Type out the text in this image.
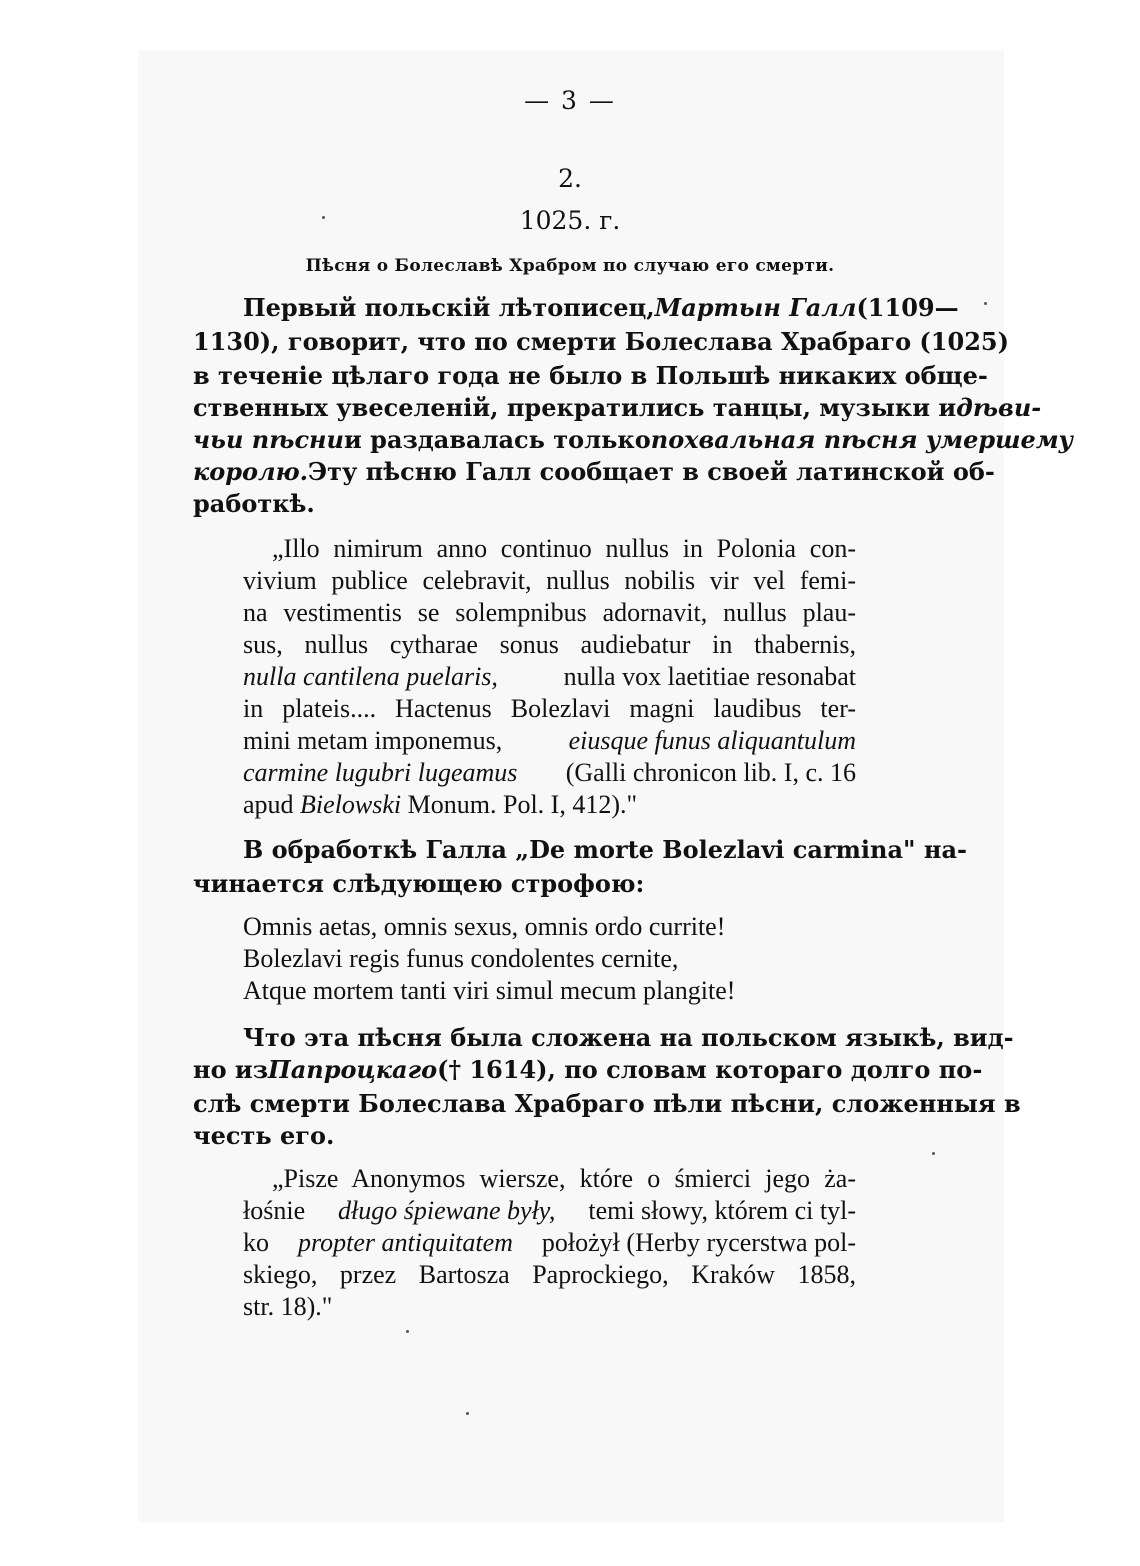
— 3 —
2.
1025. г.
Пѣсня о Болеславѣ Храбром по случаю его смерти.
Первый польскій лѣтописец, Мартын Галл (1109—
1130), говорит, что по смерти Болеслава Храбраго (1025)
в теченіе цѣлаго года не было в Польшѣ никаких обще-
ственных увеселеній, прекратились танцы, музыки и дѣви-
чьи пѣсни и раздавалась только похвальная пѣсня умершему
королю. Эту пѣсню Галл сообщает в своей латинской об-
работкѣ.
„Illo nimirum anno continuo nullus in Polonia con-
vivium publice celebravit, nullus nobilis vir vel femi-
na vestimentis se solempnibus adornavit, nullus plau-
sus, nullus cytharae sonus audiebatur in thabernis,
nulla cantilena puelaris,	nulla vox laetitiae resonabat
in plateis.... Hactenus Bolezlavi magni laudibus ter-
mini metam imponemus,	eiusque funus aliquantulum
carmine lugubri lugeamus (Galli chronicon lib. I, c. 16
apud Bielowski Monum. Pol. I, 412)."
В обработкѣ Галла „De morte Bolezlavi carmina" на-
чинается слѣдующею строфою:
Omnis aetas, omnis sexus, omnis ordo currite!
Bolezlavi regis funus condolentes cernite,
Atque mortem tanti viri simul mecum plangite!
Что эта пѣсня была сложена на польском языкѣ, вид-
но из Папроцкаго († 1614), по словам котораго долго по-
слѣ смерти Болеслава Храбраго пѣли пѣсни, сложенныя в
честь его.
„Pisze Anonymos wiersze, które o śmierci jego ża-
łośnie długo śpiewane były, temi słowy, którem ci tyl-
ko propter antiquitatem położył (Herby rycerstwa pol-
skiego, przez Bartosza Paprockiego, Kraków 1858,
str. 18)."
